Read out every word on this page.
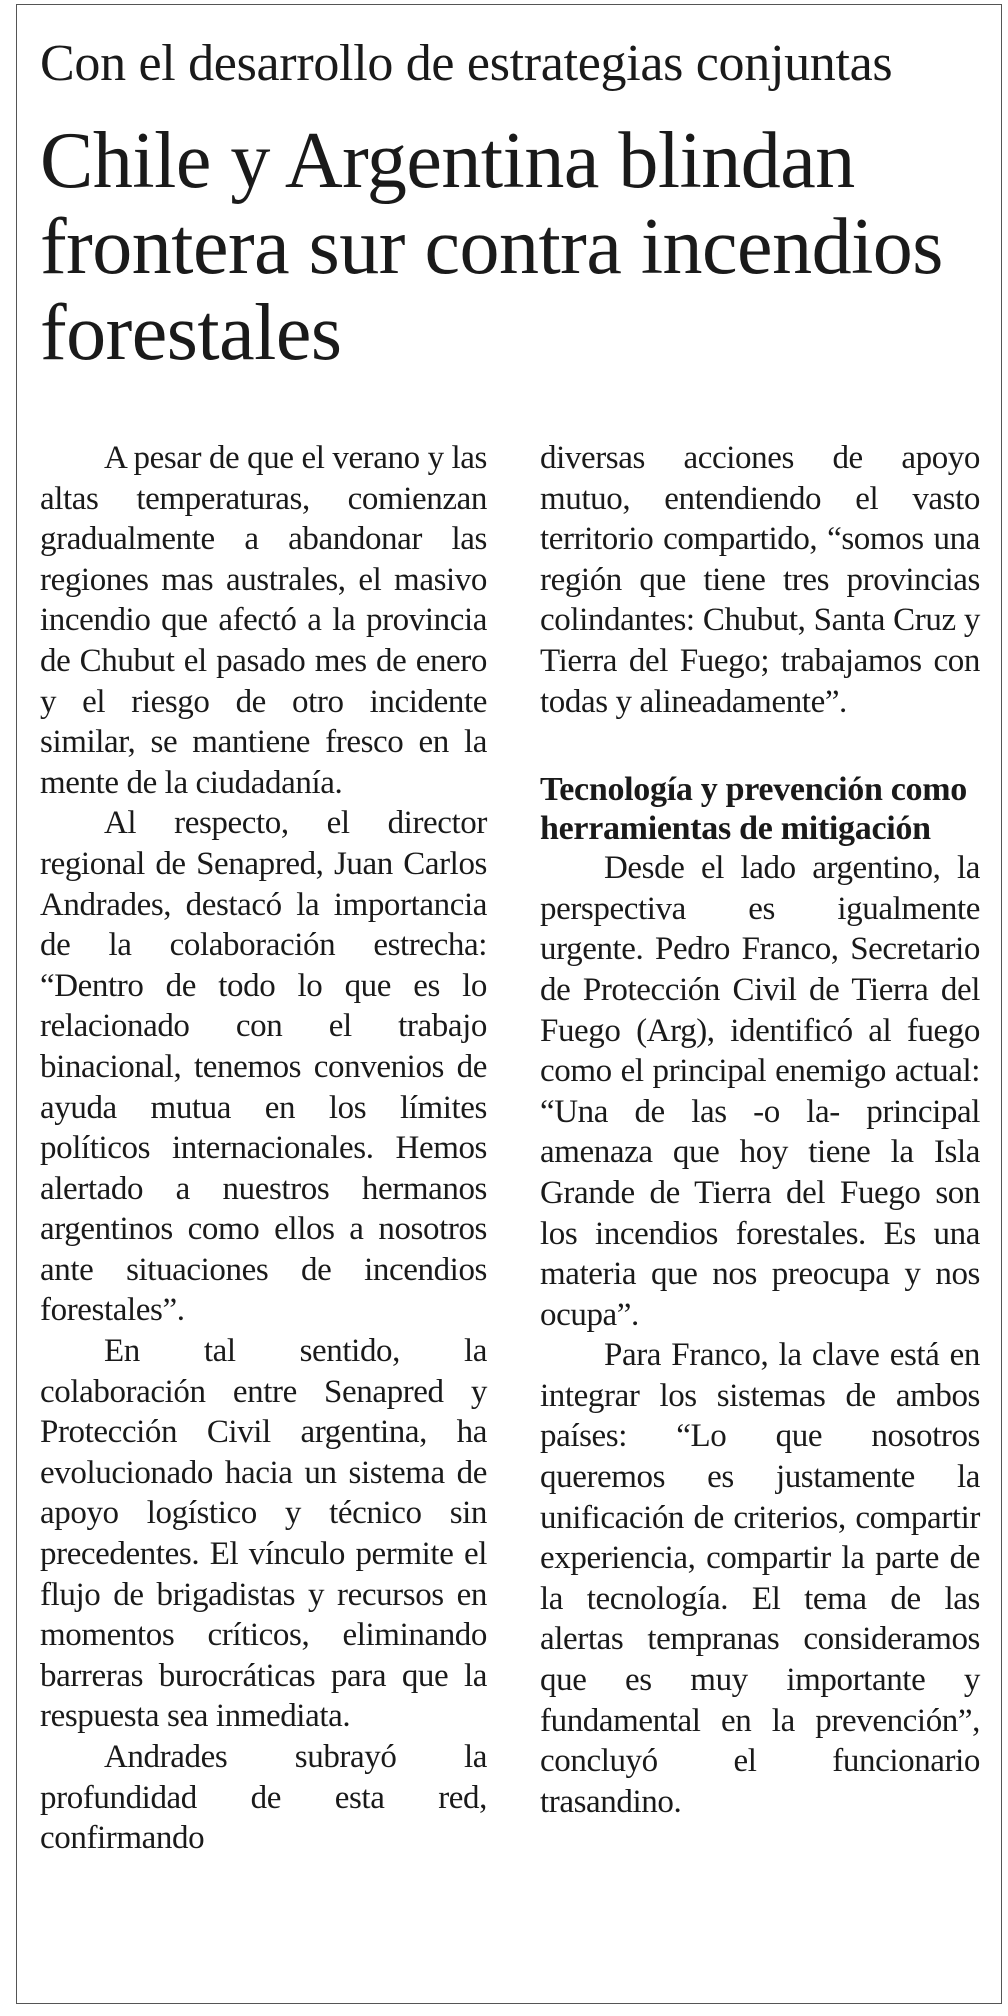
Con el desarrollo de estrategias conjuntas
Chile y Argentina blindan frontera sur contra incendios forestales

A pesar de que el verano y las altas temperaturas, comienzan gradualmente a abandonar las regiones mas australes, el masivo incendio que afectó a la provincia de Chubut el pasado mes de enero y el riesgo de otro incidente similar, se mantiene fresco en la mente de la ciudadanía.

Al respecto, el director regional de Senapred, Juan Carlos Andrades, destacó la importancia de la colaboración estrecha: “Dentro de todo lo que es lo relacionado con el trabajo binacional, tenemos convenios de ayuda mutua en los límites políticos internacionales. Hemos alertado a nuestros hermanos argentinos como ellos a nosotros ante situaciones de incendios forestales”.

En tal sentido, la colaboración entre Senapred y Protección Civil argentina, ha evolucionado hacia un sistema de apoyo logístico y técnico sin precedentes. El vínculo permite el flujo de brigadistas y recursos en momentos críticos, eliminando barreras burocráticas para que la respuesta sea inmediata.

Andrades subrayó la profundidad de esta red, confirmando

diversas acciones de apoyo mutuo, entendiendo el vasto territorio compartido, “somos una región que tiene tres provincias colindantes: Chubut, Santa Cruz y Tierra del Fuego; trabajamos con todas y alineadamente”.

Tecnología y prevención como herramientas de mitigación

Desde el lado argentino, la perspectiva es igualmente urgente. Pedro Franco, Secretario de Protección Civil de Tierra del Fuego (Arg), identificó al fuego como el principal enemigo actual: “Una de las -o la- principal amenaza que hoy tiene la Isla Grande de Tierra del Fuego son los incendios forestales. Es una materia que nos preocupa y nos ocupa”.

Para Franco, la clave está en integrar los sistemas de ambos países: “Lo que nosotros queremos es justamente la unificación de criterios, compartir experiencia, compartir la parte de la tecnología. El tema de las alertas tempranas consideramos que es muy importante y fundamental en la prevención”, concluyó el funcionario trasandino.
